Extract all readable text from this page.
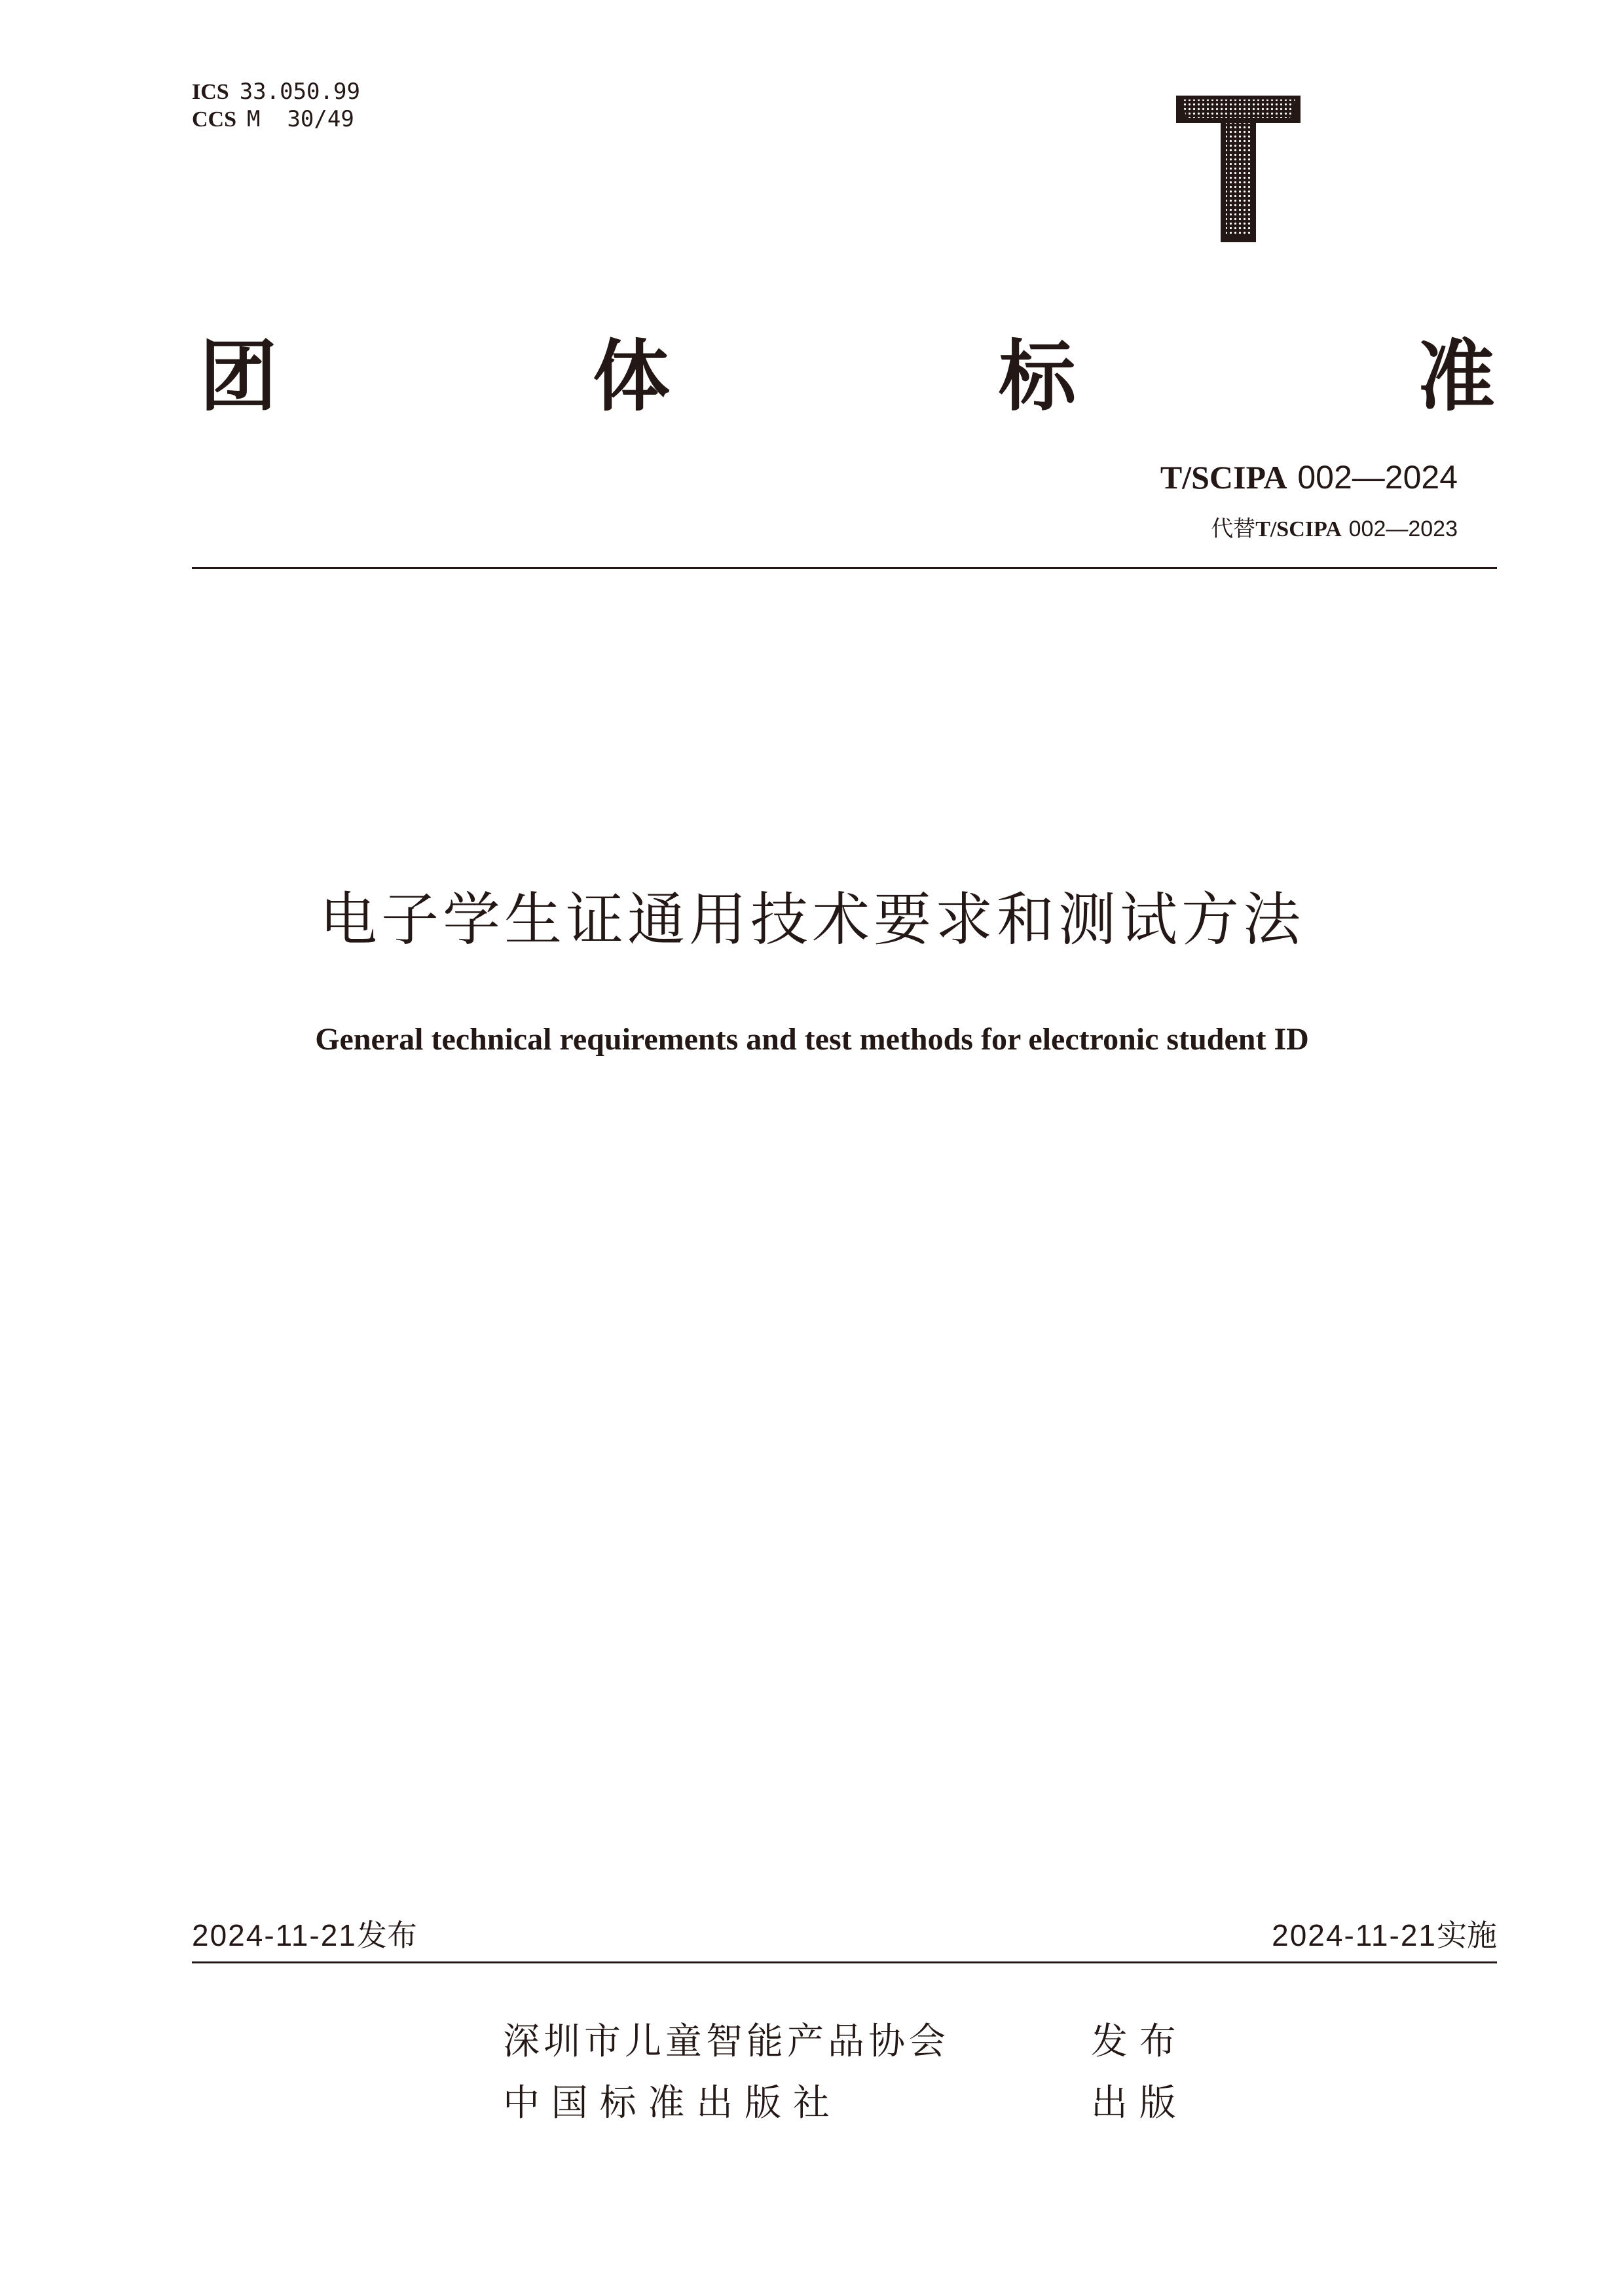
ICS 33.050.99
CCS M  30/49
团	体	标	准
T/SCIPA 002—2024
代替T/SCIPA 002—2023
电子学生证通用技术要求和测试方法
General technical requirements and test methods for electronic student ID
2024-11-21发布	2024-11-21实施
深圳市儿童智能产品协会	发 布
中 国 标 准 出 版 社	出 版
